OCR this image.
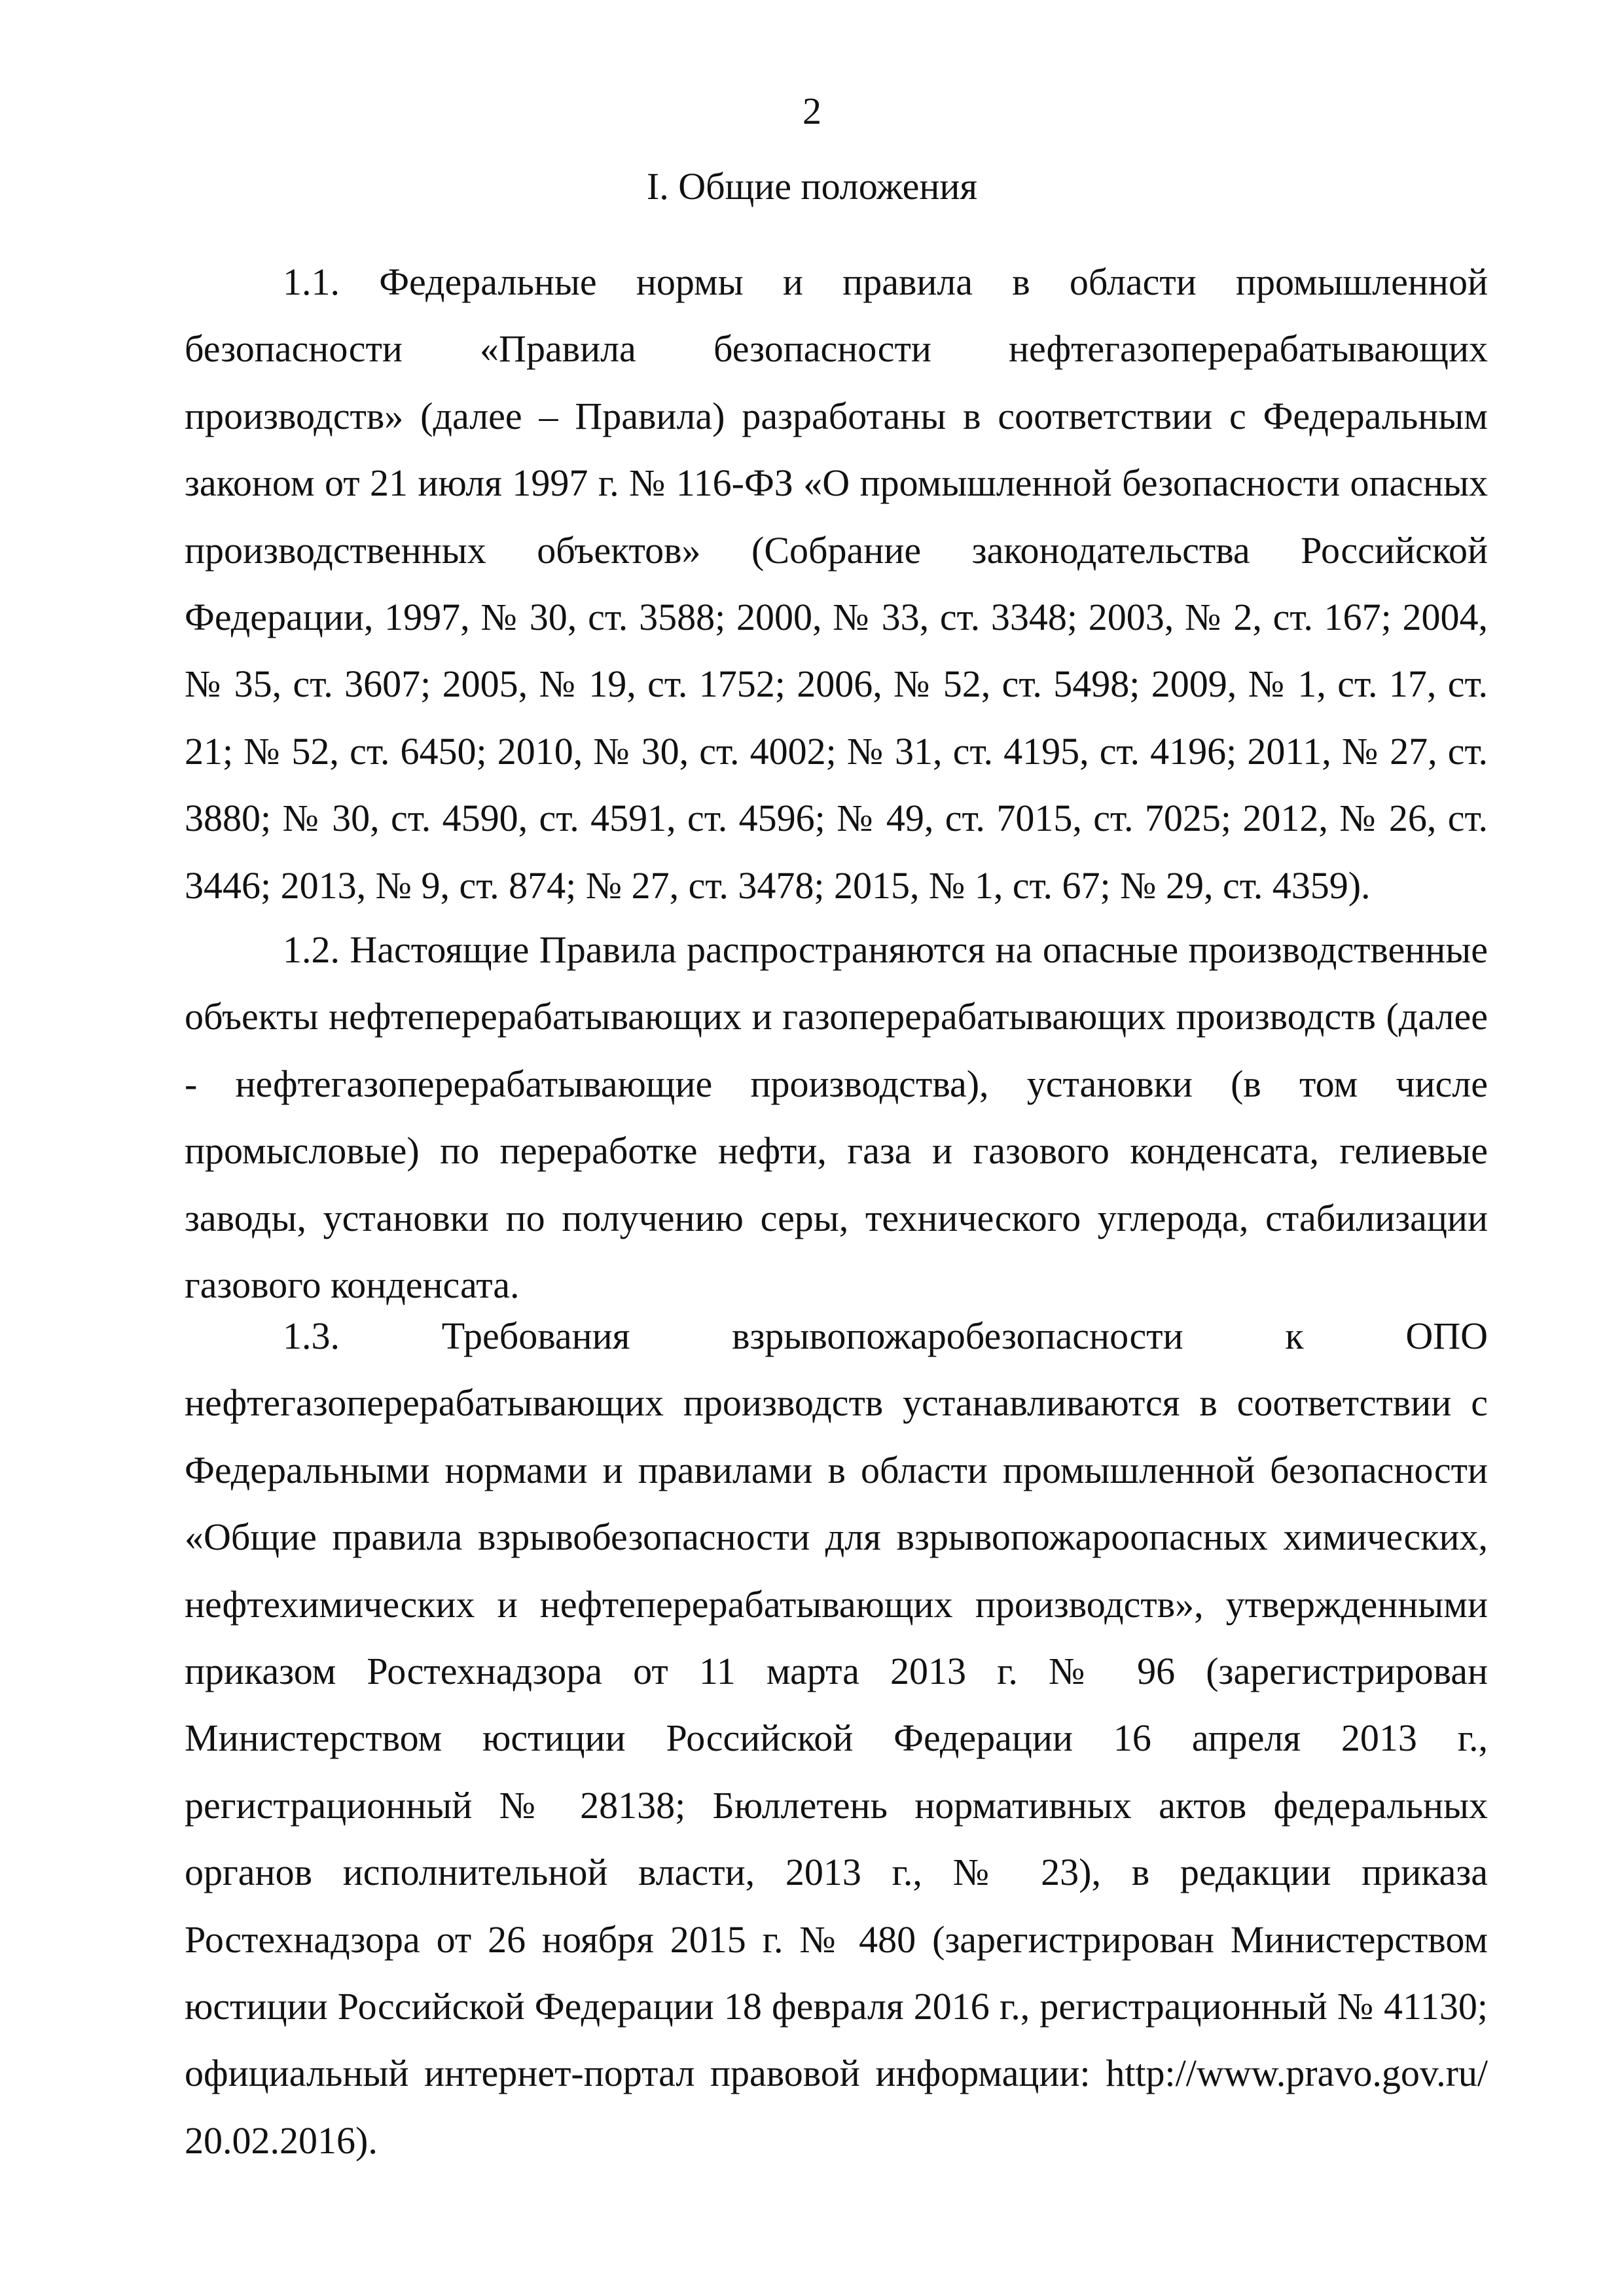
2
I. Общие положения

1.1. Федеральные нормы и правила в области промышленной безопасности «Правила безопасности нефтегазоперерабатывающих производств» (далее – Правила) разработаны в соответствии с Федеральным законом от 21 июля 1997 г. № 116-ФЗ «О промышленной безопасности опасных производственных объектов» (Собрание законодательства Российской Федерации, 1997, № 30, ст. 3588; 2000, № 33, ст. 3348; 2003, № 2, ст. 167; 2004, № 35, ст. 3607; 2005, № 19, ст. 1752; 2006, № 52, ст. 5498; 2009, № 1, ст. 17, ст. 21; № 52, ст. 6450; 2010, № 30, ст. 4002; № 31, ст. 4195, ст. 4196; 2011, № 27, ст. 3880; № 30, ст. 4590, ст. 4591, ст. 4596; № 49, ст. 7015, ст. 7025; 2012, № 26, ст. 3446; 2013, № 9, ст. 874; № 27, ст. 3478; 2015, № 1, ст. 67; № 29, ст. 4359).

1.2. Настоящие Правила распространяются на опасные производственные объекты нефтеперерабатывающих и газоперерабатывающих производств (далее - нефтегазоперерабатывающие производства), установки (в том числе промысловые) по переработке нефти, газа и газового конденсата, гелиевые заводы, установки по получению серы, технического углерода, стабилизации газового конденсата.

1.3.	Требования взрывопожаробезопасности к ОПО нефтегазоперерабатывающих производств устанавливаются в соответствии с Федеральными нормами и правилами в области промышленной безопасности «Общие правила взрывобезопасности для взрывопожароопасных химических, нефтехимических и нефтеперерабатывающих производств», утвержденными приказом Ростехнадзора от 11 марта 2013 г. № 96 (зарегистрирован Министерством юстиции Российской Федерации 16 апреля 2013 г., регистрационный № 28138; Бюллетень нормативных актов федеральных органов исполнительной власти, 2013 г., № 23), в редакции приказа Ростехнадзора от 26 ноября 2015 г. № 480 (зарегистрирован Министерством юстиции Российской Федерации 18 февраля 2016 г., регистрационный № 41130; официальный интернет-портал правовой информации: http://www.pravo.gov.ru/ 20.02.2016).
